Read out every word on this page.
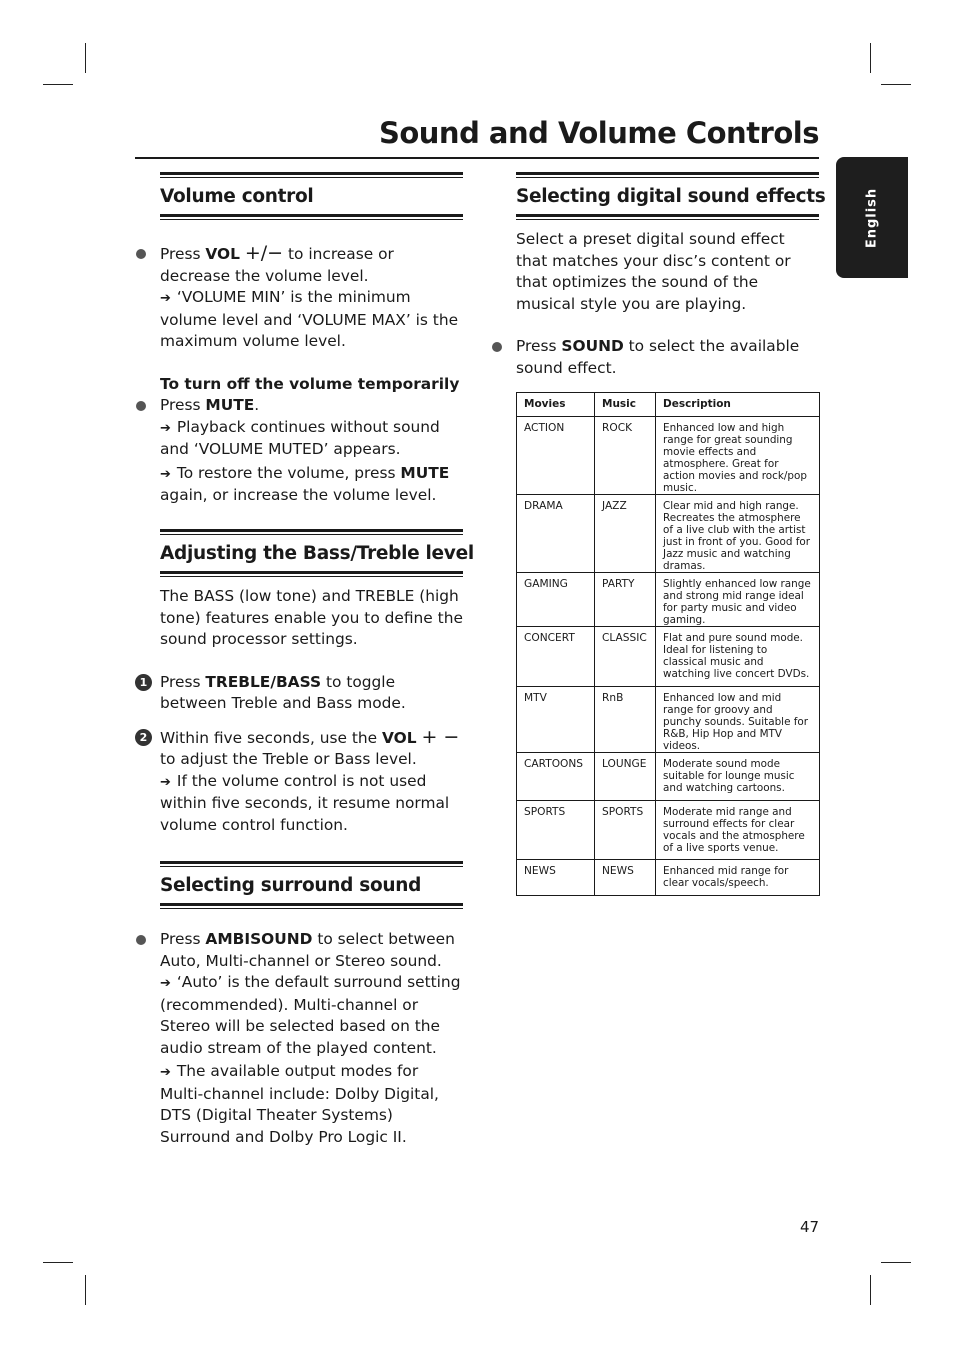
Sound and Volume Controls
English
Volume control

Press VOL +/− to increase or decrease the volume level.

➔ ‘VOLUME MIN’ is the minimum volume level and ‘VOLUME MAX’ is the maximum volume level.

To turn off the volume temporarily

Press MUTE.

➔ Playback continues without sound and ‘VOLUME MUTED’ appears.

➔ To restore the volume, press MUTE again, or increase the volume level.

Adjusting the Bass/Treble level

The BASS (low tone) and TREBLE (high tone) features enable you to define the sound processor settings.

1 Press TREBLE/BASS to toggle between Treble and Bass mode.

2 Within five seconds, use the VOL + − to adjust the Treble or Bass level.

➔ If the volume control is not used within five seconds, it resume normal volume control function.

Selecting surround sound

Press AMBISOUND to select between Auto, Multi-channel or Stereo sound.

➔ ‘Auto’ is the default surround setting (recommended). Multi-channel or Stereo will be selected based on the audio stream of the played content.

➔ The available output modes for Multi-channel include: Dolby Digital, DTS (Digital Theater Systems) Surround and Dolby Pro Logic II.

Selecting digital sound effects

Select a preset digital sound effect that matches your disc’s content or that optimizes the sound of the musical style you are playing.

Press SOUND to select the available sound effect.

Movies	Music	Description
ACTION	ROCK	Enhanced low and high range for great sounding movie effects and atmosphere. Great for action movies and rock/pop music.
DRAMA	JAZZ	Clear mid and high range. Recreates the atmosphere of a live club with the artist just in front of you. Good for Jazz music and watching dramas.
GAMING	PARTY	Slightly enhanced low range and strong mid range ideal for party music and video gaming.
CONCERT	CLASSIC	Flat and pure sound mode. Ideal for listening to classical music and watching live concert DVDs.
MTV	RnB	Enhanced low and mid range for groovy and punchy sounds. Suitable for R&B, Hip Hop and MTV videos.
CARTOONS	LOUNGE	Moderate sound mode suitable for lounge music and watching cartoons.
SPORTS	SPORTS	Moderate mid range and surround effects for clear vocals and the atmosphere of a live sports venue.
NEWS	NEWS	Enhanced mid range for clear vocals/speech.
47
